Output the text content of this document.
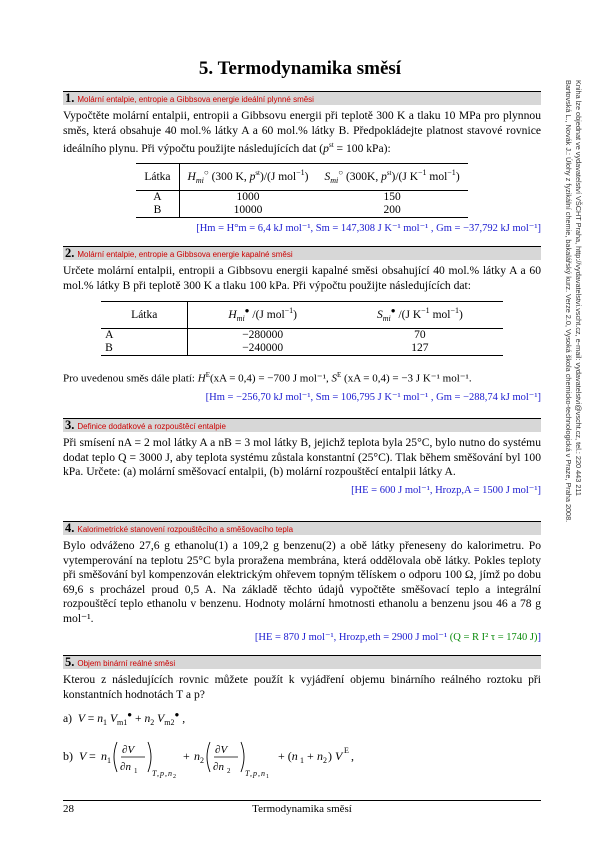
5. Termodynamika směsí
Bartovská L., Novák J.: Úlohy z fyzikální chemie, bakalářský kurz. Verze 2.0, Vysoká škola chemicko-technologická v Praze, Praha 2008. Kniha lze objednat ve vydavatelství VŠCHT Praha, http://vydavatelstvi.vscht.cz, e-mail: vydavatelstvi@vscht.cz, tel.: 220 443 211
1. Molární entalpie, entropie a Gibbsova energie ideální plynné směsi
Vypočtěte molární entalpii, entropii a Gibbsovu energii při teplotě 300 K a tlaku 10 MPa pro plynnou směs, která obsahuje 40 mol.% látky A a 60 mol.% látky B. Předpokládejte platnost stavové rovnice ideálního plynu. Při výpočtu použijte následujících dat ($p^{st} = 100$ kPa):
Látka	$H_{mi}^○$ (300 K, $p^{st})/(J$ mol$^{-1}$)	$S_{mi}^○$ (300K, $p^{st})/(J$ $K^{-1}$ mol$^{-1}$)
A	1000	150
B	10000	200
[Hm = H°m = 6,4 kJ mol⁻¹, Sm = 147,308 J K⁻¹ mol⁻¹ , Gm = −37,792 kJ mol⁻¹]
2. Molární entalpie, entropie a Gibbsova energie kapalné směsi
Určete molární entalpii, entropii a Gibbsovu energii kapalné směsi obsahující 40 mol.% látky A a 60 mol.% látky B při teplotě 300 K a tlaku 100 kPa. Při výpočtu použijte následujících dat:
Látka	$H_{mi}^●$ /(J mol$^{-1}$)	$S_{mi}^●$ /(J $K^{-1}$ mol$^{-1}$)
A	−280000	70
B	−240000	127
Pro uvedenou směs dále platí: $H^E(xA = 0,4) = -700$ J mol⁻¹, $S^E$ (xA = 0,4) = −3 J K⁻¹ mol⁻¹.
[Hm = −256,70 kJ mol⁻¹, Sm = 106,795 J K⁻¹ mol⁻¹ , Gm = −288,74 kJ mol⁻¹]
3. Definice dodatkové a rozpouštěcí entalpie
Při smísení nA = 2 mol látky A a nB = 3 mol látky B, jejichž teplota byla 25°C, bylo nutno do systému dodat teplo Q = 3000 J, aby teplota systému zůstala konstantní (25°C). Tlak během směšování byl 100 kPa. Určete: (a) molární směšovací entalpii, (b) molární rozpouštěcí entalpii látky A.
[HE = 600 J mol⁻¹, Hrozp,A = 1500 J mol⁻¹]
4. Kalorimetrické stanovení rozpouštěcího a směšovacího tepla
Bylo odváženo 27,6 g ethanolu(1) a 109,2 g benzenu(2) a obě látky přeneseny do kalorimetru. Po vytemperování na teplotu 25°C byla proražena membrána, která oddělovala obě látky. Pokles teploty při směšování byl kompenzován elektrickým ohřevem topným tělískem o odporu 100 Ω, jímž po dobu 69,6 s procházel proud 0,5 A. Na základě těchto údajů vypočtěte směšovací teplo a integrální rozpouštěcí teplo ethanolu v benzenu. Hodnoty molární hmotnosti ethanolu a benzenu jsou 46 a 78 g mol⁻¹.
[HE = 870 J mol⁻¹, Hrozp,eth = 2900 J mol⁻¹ (Q = R I² τ = 1740 J)]
5. Objem binární reálné směsi
Kterou z následujících rovnic můžete použít k vyjádření objemu binárního reálného roztoku při konstantních hodnotách T a p?
a)  $V = n_1$ $V_{m1}^● + n_2$ $V_{m2}^●$ ,
b) V = n 1
∂V
∂n 1 T , p , n 2
+ n 2
∂V
∂n 2 T , p , n 1
+ (n 1 + n 2 ) V E ,
28	Termodynamika směsí
